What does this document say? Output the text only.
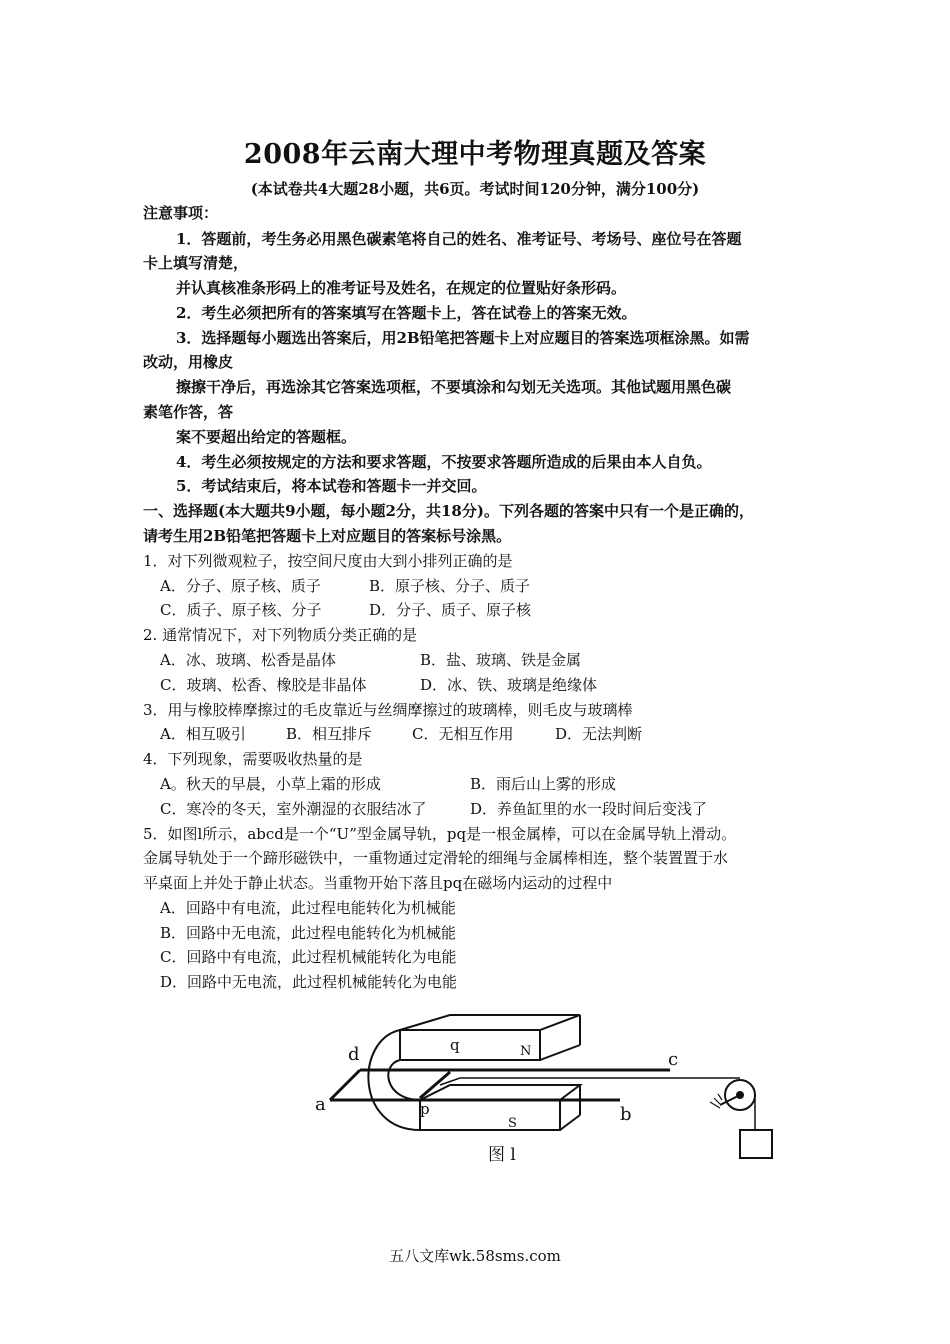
2008年云南大理中考物理真题及答案
(本试卷共4大题28小题，共6页。考试时间120分钟，满分100分)
注意事项：
1．答题前，考生务必用黑色碳素笔将自己的姓名、准考证号、考场号、座位号在答题
卡上填写清楚，
并认真核准条形码上的准考证号及姓名，在规定的位置贴好条形码。
2．考生必须把所有的答案填写在答题卡上，答在试卷上的答案无效。
3．选择题每小题选出答案后，用2B铅笔把答题卡上对应题目的答案选项框涂黑。如需
改动，用橡皮
擦擦干净后，再选涂其它答案选项框，不要填涂和勾划无关选项。其他试题用黑色碳
素笔作答，答
案不要超出给定的答题框。
4．考生必须按规定的方法和要求答题，不按要求答题所造成的后果由本人自负。
5．考试结束后，将本试卷和答题卡一并交回。
一、选择题(本大题共9小题，每小题2分，共18分)。下列各题的答案中只有一个是正确的，
请考生用2B铅笔把答题卡上对应题目的答案标号涂黑。
1．对下列微观粒子，按空间尺度由大到小排列正确的是
A．分子、原子核、质子	B．原子核、分子、质子
C．质子、原子核、分子	D．分子、质子、原子核
2. 通常情况下，对下列物质分类正确的是
A．冰、玻璃、松香是晶体	B．盐、玻璃、铁是金属
C．玻璃、松香、橡胶是非晶体	D．冰、铁、玻璃是绝缘体
3．用与橡胶棒摩擦过的毛皮靠近与丝绸摩擦过的玻璃棒，则毛皮与玻璃棒
A．相互吸引	B．相互排斥	C．无相互作用	D．无法判断
4．下列现象，需要吸收热量的是
A。秋天的早晨，小草上霜的形成	B．雨后山上雾的形成
C．寒冷的冬天，室外潮湿的衣服结冰了	D．养鱼缸里的水一段时间后变浅了
5．如图l所示，abcd是一个“U”型金属导轨，pq是一根金属棒，可以在金属导轨上滑动。
金属导轨处于一个蹄形磁铁中，一重物通过定滑轮的细绳与金属棒相连，整个装置置于水
平桌面上并处于静止状态。当重物开始下落且pq在磁场内运动的过程中
A．回路中有电流，此过程电能转化为机械能
B．回路中无电流，此过程电能转化为机械能
C．回路中有电流，此过程机械能转化为电能
D．回路中无电流，此过程机械能转化为电能
d
a	b
c
p
q	N
S
图 l
五八文库wk.58sms.com
